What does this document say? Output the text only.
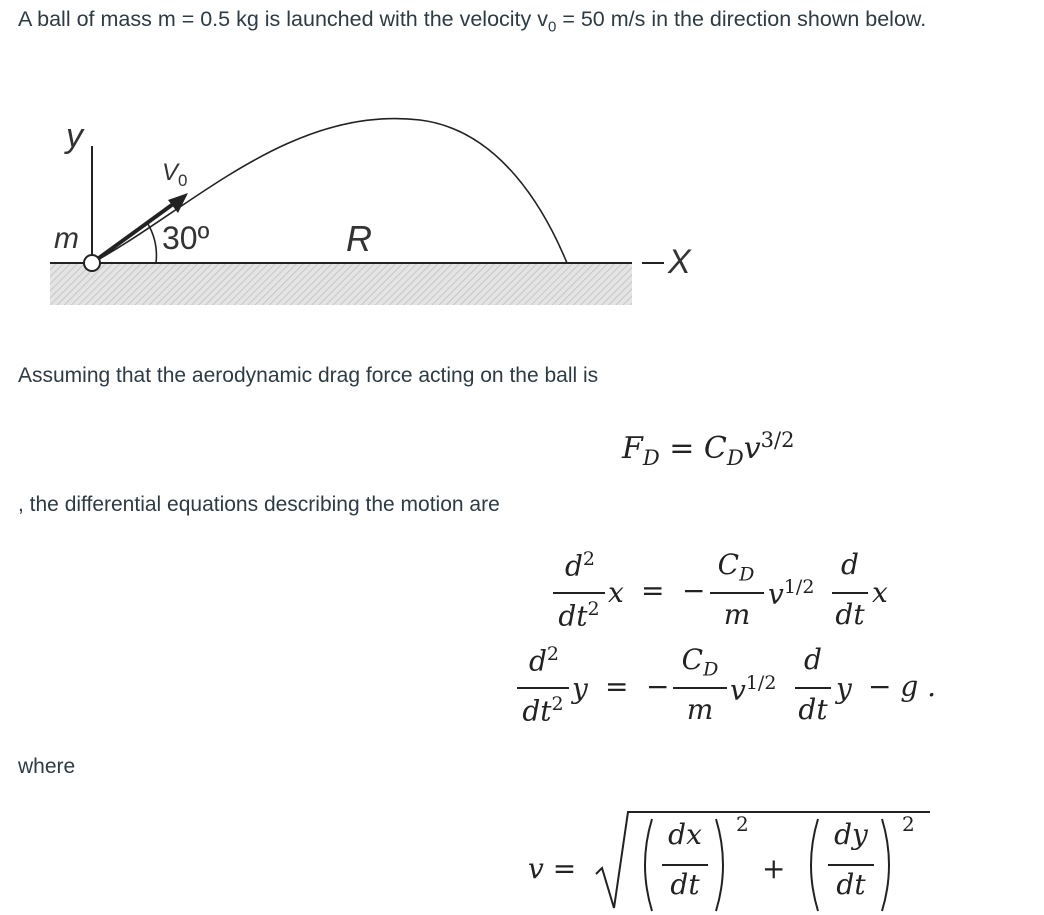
A ball of mass m = 0.5 kg is launched with the velocity $v_0 = 50$ m/s in the direction shown below.
y
$V_0$
m	30º	R
X
Assuming that the aerodynamic drag force acting on the ball is
$F_D = C_Dv^{3/2}$
, the differential equations describing the motion are
$d^2$
$dt^2$ x = −
$C_D$
m
$v^{1/2}$
d
dt
x
$d^2$
$dt^2$ y = −
$C_D$
m
$v^{1/2}$
d
dt
y − g .
where
v =
dx
dt
2
+
dy
dt
2
